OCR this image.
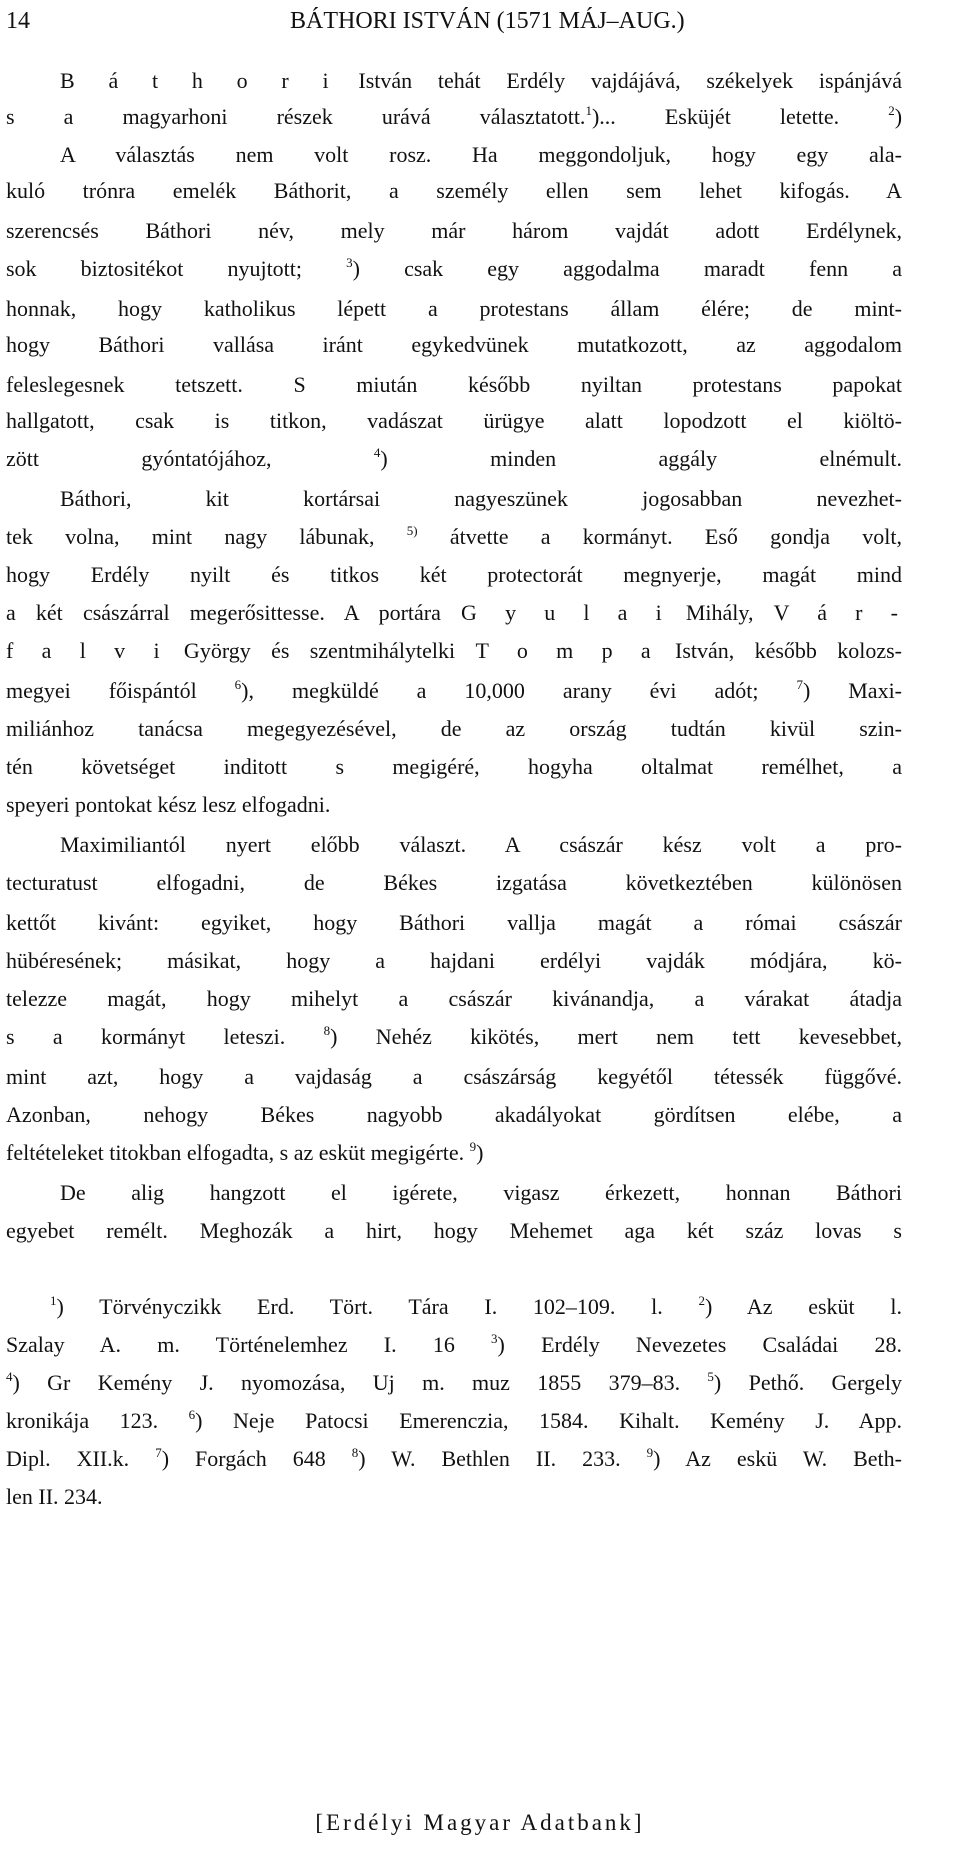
14	BÁTHORI ISTVÁN (1571 MÁJ–AUG.)
B á t h o r i István tehát Erdély vajdájává, székelyek ispánjává
s a magyarhoni részek urává választatott.$^1$)... Esküjét letette. $^2$)
A választás nem volt rosz. Ha meggondoljuk, hogy egy ala-
kuló trónra emelék Báthorit, a személy ellen sem lehet kifogás. A
szerencsés Báthori név, mely már három vajdát adott Erdélynek,
sok biztositékot nyujtott; $^3$) csak egy aggodalma maradt fenn a
honnak, hogy katholikus lépett a protestans állam élére; de mint-
hogy Báthori vallása iránt egykedvünek mutatkozott, az aggodalom
feleslegesnek tetszett. S miután később nyiltan protestans papokat
hallgatott, csak is titkon, vadászat ürügye alatt lopodzott el kiöltö-
zött gyóntatójához, $^4$) minden aggály elnémult.
Báthori, kit kortársai nagyeszünek jogosabban nevezhet-
tek volna, mint nagy lábunak, $^{5)}$ átvette a kormányt. Eső gondja volt,
hogy Erdély nyilt és titkos két protectorát megnyerje, magát mind
a két császárral megerősittesse. A portára G y u l a i Mihály, V á r -
f a l v i György és szentmihálytelki T o m p a István, később kolozs-
megyei főispántól $^6$), megküldé a 10,000 arany évi adót; $^7$) Maxi-
miliánhoz tanácsa megegyezésével, de az ország tudtán kivül szin-
tén követséget inditott s megigéré, hogyha oltalmat remélhet, a
speyeri pontokat kész lesz elfogadni.
Maximiliantól nyert előbb választ. A császár kész volt a pro-
tecturatust elfogadni, de Békes izgatása következtében különösen
kettőt kivánt: egyiket, hogy Báthori vallja magát a római császár
hübéresének; másikat, hogy a hajdani erdélyi vajdák módjára, kö-
telezze magát, hogy mihelyt a császár kivánandja, a várakat átadja
s a kormányt leteszi. $^8$) Nehéz kikötés, mert nem tett kevesebbet,
mint azt, hogy a vajdaság a császárság kegyétől tétessék függővé.
Azonban, nehogy Békes nagyobb akadályokat gördítsen elébe, a
feltételeket titokban elfogadta, s az esküt megigérte. $^9$)
De alig hangzott el igérete, vigasz érkezett, honnan Báthori
egyebet remélt. Meghozák a hirt, hogy Mehemet aga két száz lovas s
$^1$) Törvényczikk Erd. Tört. Tára I. 102–109. l. $^2$) Az esküt l.
Szalay A. m. Történelemhez I. 16 $^3$) Erdély Nevezetes Családai 28.
$^4$) Gr Kemény J. nyomozása, Uj m. muz 1855 379–83. $^5$) Pethő. Gergely
kronikája 123. $^6$) Neje Patocsi Emerenczia, 1584. Kihalt. Kemény J. App.
Dipl. XII.k. $^7$) Forgách 648 $^8$) W. Bethlen II. 233. $^9$) Az eskü W. Beth-
len II. 234.
[Erdélyi Magyar Adatbank]
